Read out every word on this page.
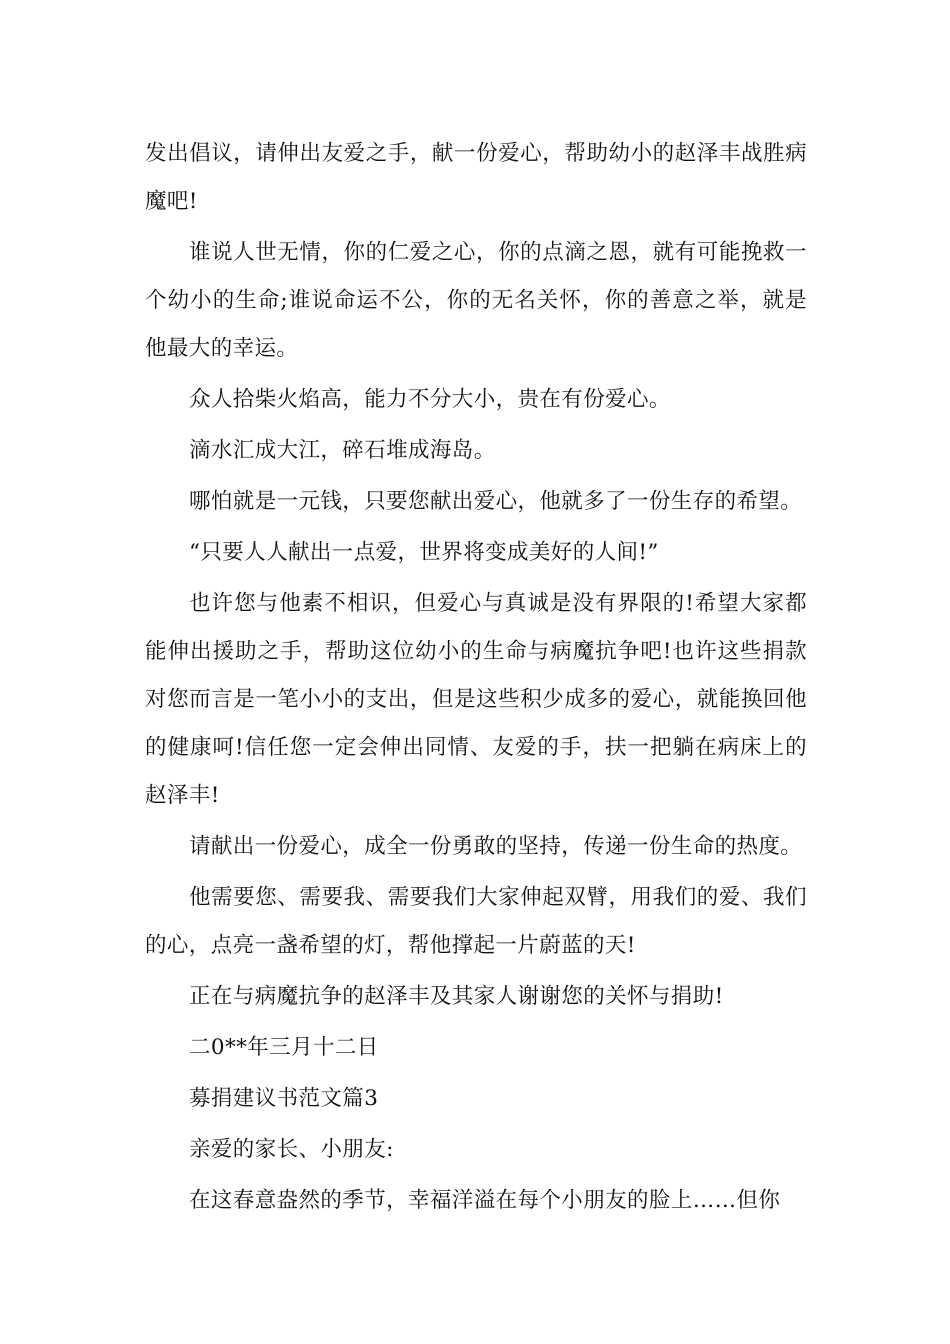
发出倡议，请伸出友爱之手，献一份爱心，帮助幼小的赵泽丰战胜病魔吧!

谁说人世无情，你的仁爱之心，你的点滴之恩，就有可能挽救一个幼小的生命;谁说命运不公，你的无名关怀，你的善意之举，就是他最大的幸运。

众人拾柴火焰高，能力不分大小，贵在有份爱心。

滴水汇成大江，碎石堆成海岛。

哪怕就是一元钱，只要您献出爱心，他就多了一份生存的希望。

“只要人人献出一点爱，世界将变成美好的人间!”

也许您与他素不相识，但爱心与真诚是没有界限的!希望大家都能伸出援助之手，帮助这位幼小的生命与病魔抗争吧!也许这些捐款对您而言是一笔小小的支出，但是这些积少成多的爱心，就能换回他的健康呵!信任您一定会伸出同情、友爱的手，扶一把躺在病床上的赵泽丰!

请献出一份爱心，成全一份勇敢的坚持，传递一份生命的热度。

他需要您、需要我、需要我们大家伸起双臂，用我们的爱、我们的心，点亮一盏希望的灯，帮他撑起一片蔚蓝的天!

正在与病魔抗争的赵泽丰及其家人谢谢您的关怀与捐助!

二0**年三月十二日

募捐建议书范文篇3

亲爱的家长、小朋友:

在这春意盎然的季节，幸福洋溢在每个小朋友的脸上……但你
